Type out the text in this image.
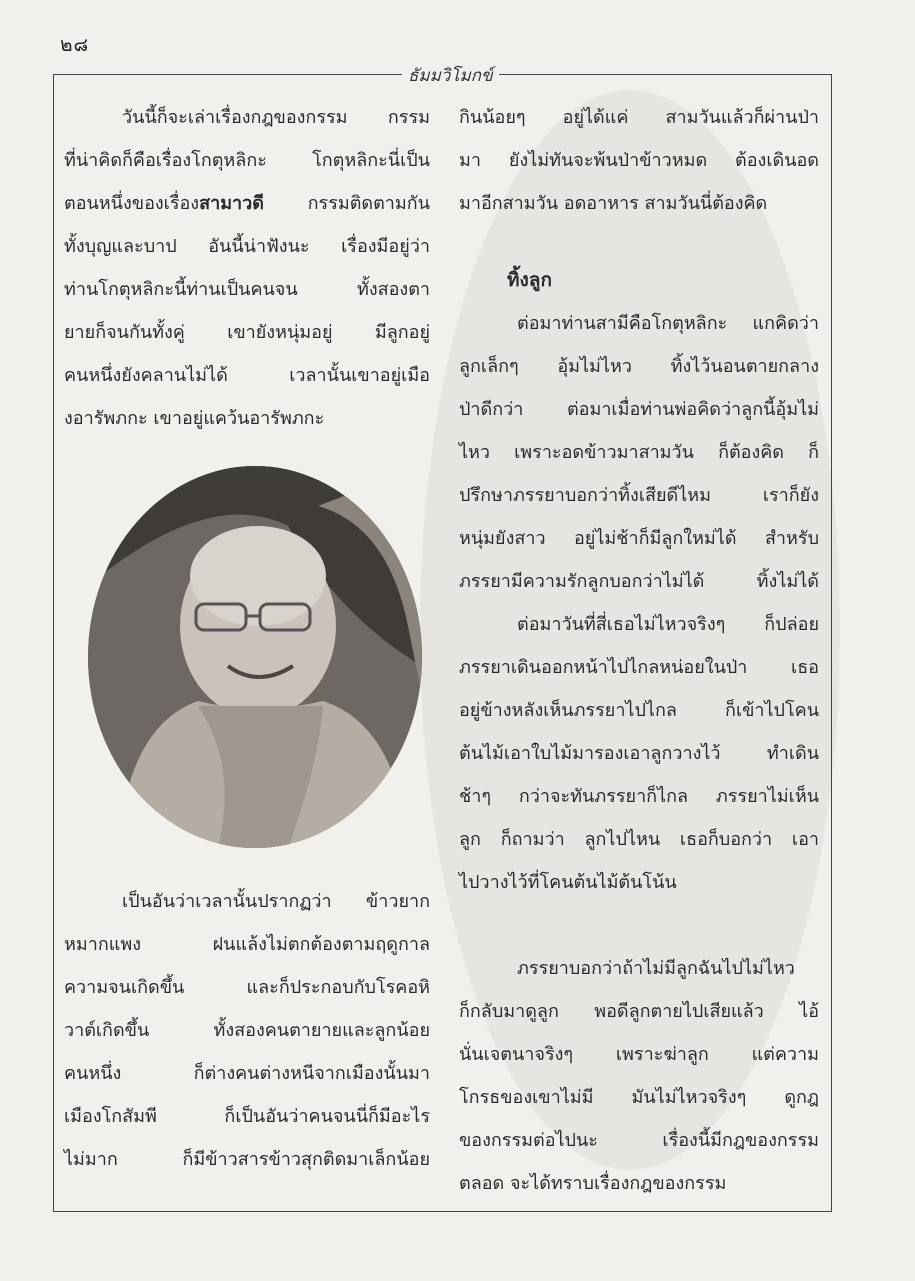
๒๘
ธัมมวิโมกข์

วันนี้ก็จะเล่าเรื่องกฎของกรรม กรรม

ที่น่าคิดก็คือเรื่องโกตุหลิกะ โกตุหลิกะนี่เป็น

ตอนหนึ่งของเรื่องสามาวดี กรรมติดตามกัน

ทั้งบุญและบาป อันนี้น่าฟังนะ เรื่องมีอยู่ว่า

ท่านโกตุหลิกะนี้ท่านเป็นคนจน ทั้งสองตา

ยายก็จนกันทั้งคู่ เขายังหนุ่มอยู่ มีลูกอยู่

คนหนึ่งยังคลานไม่ได้ เวลานั้นเขาอยู่เมือ

งอารัพภกะ เขาอยู่แคว้นอารัพภกะ

เป็นอันว่าเวลานั้นปรากฏว่า ข้าวยาก

หมากแพง ฝนแล้งไม่ตกต้องตามฤดูกาล

ความจนเกิดขึ้น และก็ประกอบกับโรคอหิ

วาต์เกิดขึ้น ทั้งสองคนตายายและลูกน้อย

คนหนึ่ง ก็ต่างคนต่างหนีจากเมืองนั้นมา

เมืองโกสัมพี ก็เป็นอันว่าคนจนนี่ก็มีอะไร

ไม่มาก ก็มีข้าวสารข้าวสุกติดมาเล็กน้อย

กินน้อยๆ อยู่ได้แค่ สามวันแล้วก็ผ่านป่า

มา ยังไม่ทันจะพ้นป่าข้าวหมด ต้องเดินอด

มาอีกสามวัน อดอาหาร สามวันนี่ต้องคิด

ทิ้งลูก

ต่อมาท่านสามีคือโกตุหลิกะ แกคิดว่า

ลูกเล็กๆ อุ้มไม่ไหว ทิ้งไว้นอนตายกลาง

ป่าดีกว่า ต่อมาเมื่อท่านพ่อคิดว่าลูกนี้อุ้มไม่

ไหว เพราะอดข้าวมาสามวัน ก็ต้องคิด ก็

ปรึกษาภรรยาบอกว่าทิ้งเสียดีไหม เราก็ยัง

หนุ่มยังสาว อยู่ไม่ช้าก็มีลูกใหม่ได้ สำหรับ

ภรรยามีความรักลูกบอกว่าไม่ได้ ทิ้งไม่ได้

ต่อมาวันที่สี่เธอไม่ไหวจริงๆ ก็ปล่อย

ภรรยาเดินออกหน้าไปไกลหน่อยในป่า เธอ

อยู่ข้างหลังเห็นภรรยาไปไกล ก็เข้าไปโคน

ต้นไม้เอาใบไม้มารองเอาลูกวางไว้ ทำเดิน

ช้าๆ กว่าจะทันภรรยาก็ไกล ภรรยาไม่เห็น

ลูก ก็ถามว่า ลูกไปไหน เธอก็บอกว่า เอา

ไปวางไว้ที่โคนต้นไม้ต้นโน้น

ภรรยาบอกว่าถ้าไม่มีลูกฉันไปไม่ไหว

ก็กลับมาดูลูก พอดีลูกตายไปเสียแล้ว ไอ้

นั่นเจตนาจริงๆ เพราะฆ่าลูก แต่ความ

โกรธของเขาไม่มี มันไม่ไหวจริงๆ ดูกฎ

ของกรรมต่อไปนะ เรื่องนี้มีกฎของกรรม

ตลอด จะได้ทราบเรื่องกฎของกรรม
